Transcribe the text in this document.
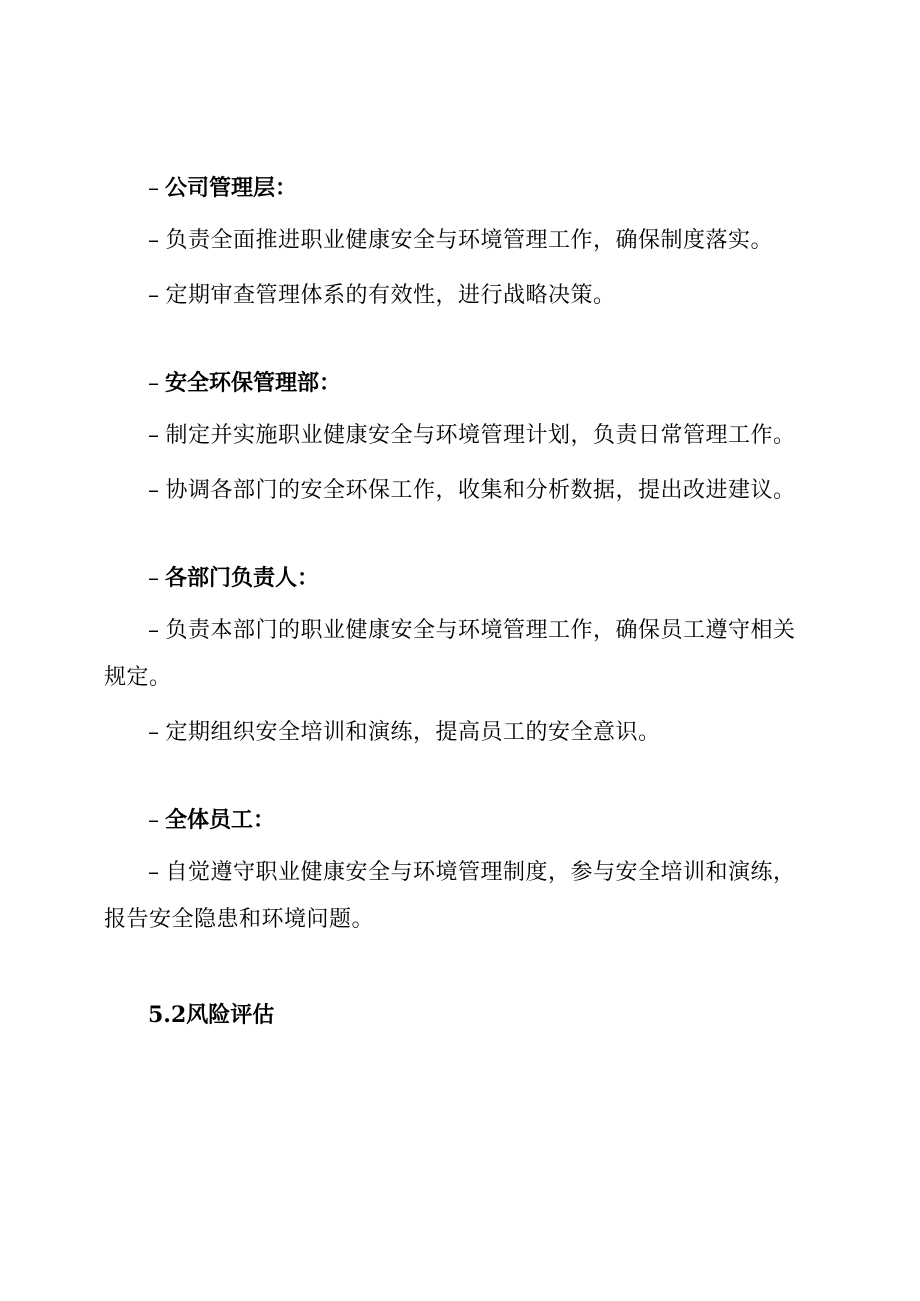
– 公司管理层：

– 负责全面推进职业健康安全与环境管理工作，确保制度落实。

– 定期审查管理体系的有效性，进行战略决策。

– 安全环保管理部：

– 制定并实施职业健康安全与环境管理计划，负责日常管理工作。

– 协调各部门的安全环保工作，收集和分析数据，提出改进建议。

– 各部门负责人：

– 负责本部门的职业健康安全与环境管理工作，确保员工遵守相关规定。

– 定期组织安全培训和演练，提高员工的安全意识。

– 全体员工：

– 自觉遵守职业健康安全与环境管理制度，参与安全培训和演练，报告安全隐患和环境问题。

5.2风险评估
